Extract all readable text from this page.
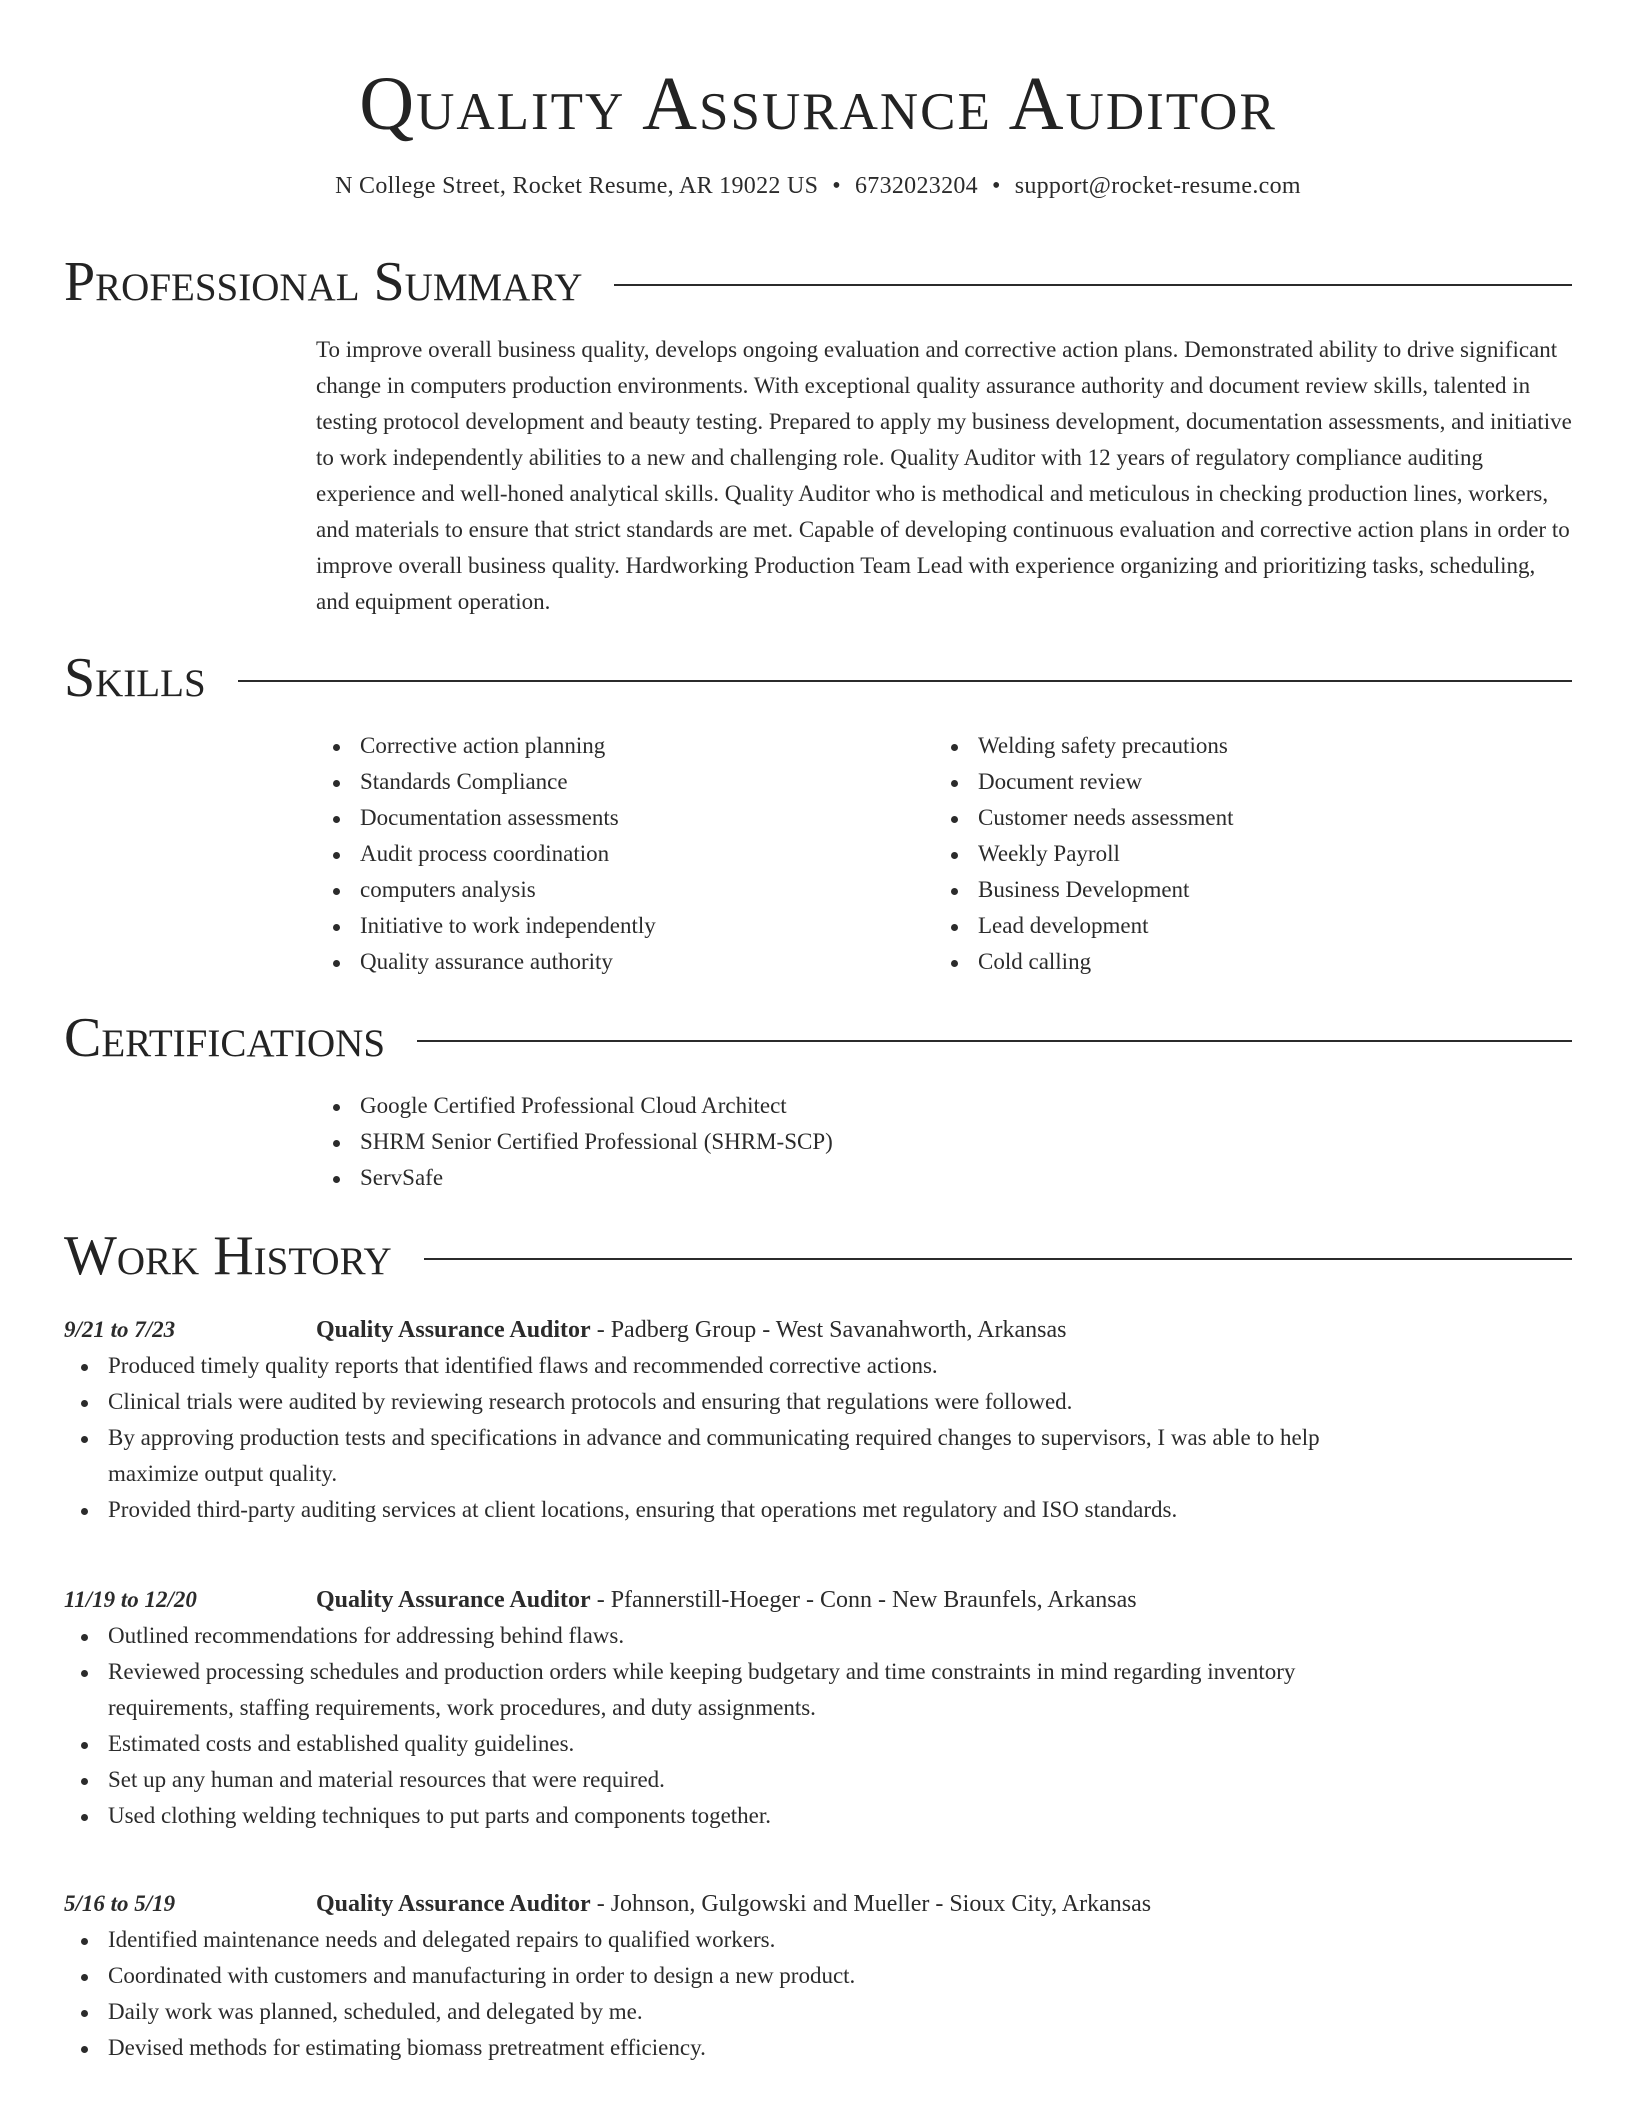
Quality Assurance Auditor
N College Street, Rocket Resume, AR 19022 US • 6732023204 • support@rocket-resume.com
Professional Summary
To improve overall business quality, develops ongoing evaluation and corrective action plans. Demonstrated ability to drive significant change in computers production environments. With exceptional quality assurance authority and document review skills, talented in testing protocol development and beauty testing. Prepared to apply my business development, documentation assessments, and initiative to work independently abilities to a new and challenging role. Quality Auditor with 12 years of regulatory compliance auditing experience and well-honed analytical skills. Quality Auditor who is methodical and meticulous in checking production lines, workers, and materials to ensure that strict standards are met. Capable of developing continuous evaluation and corrective action plans in order to improve overall business quality. Hardworking Production Team Lead with experience organizing and prioritizing tasks, scheduling, and equipment operation.
Skills
Corrective action planning
Standards Compliance
Documentation assessments
Audit process coordination
computers analysis
Initiative to work independently
Quality assurance authority
Welding safety precautions
Document review
Customer needs assessment
Weekly Payroll
Business Development
Lead development
Cold calling
Certifications
Google Certified Professional Cloud Architect
SHRM Senior Certified Professional (SHRM-SCP)
ServSafe
Work History
9/21 to 7/23	Quality Assurance Auditor - Padberg Group - West Savanahworth, Arkansas
Produced timely quality reports that identified flaws and recommended corrective actions.
Clinical trials were audited by reviewing research protocols and ensuring that regulations were followed.
By approving production tests and specifications in advance and communicating required changes to supervisors, I was able to help maximize output quality.
Provided third-party auditing services at client locations, ensuring that operations met regulatory and ISO standards.
11/19 to 12/20	Quality Assurance Auditor - Pfannerstill-Hoeger - Conn - New Braunfels, Arkansas
Outlined recommendations for addressing behind flaws.
Reviewed processing schedules and production orders while keeping budgetary and time constraints in mind regarding inventory requirements, staffing requirements, work procedures, and duty assignments.
Estimated costs and established quality guidelines.
Set up any human and material resources that were required.
Used clothing welding techniques to put parts and components together.
5/16 to 5/19	Quality Assurance Auditor - Johnson, Gulgowski and Mueller - Sioux City, Arkansas
Identified maintenance needs and delegated repairs to qualified workers.
Coordinated with customers and manufacturing in order to design a new product.
Daily work was planned, scheduled, and delegated by me.
Devised methods for estimating biomass pretreatment efficiency.
